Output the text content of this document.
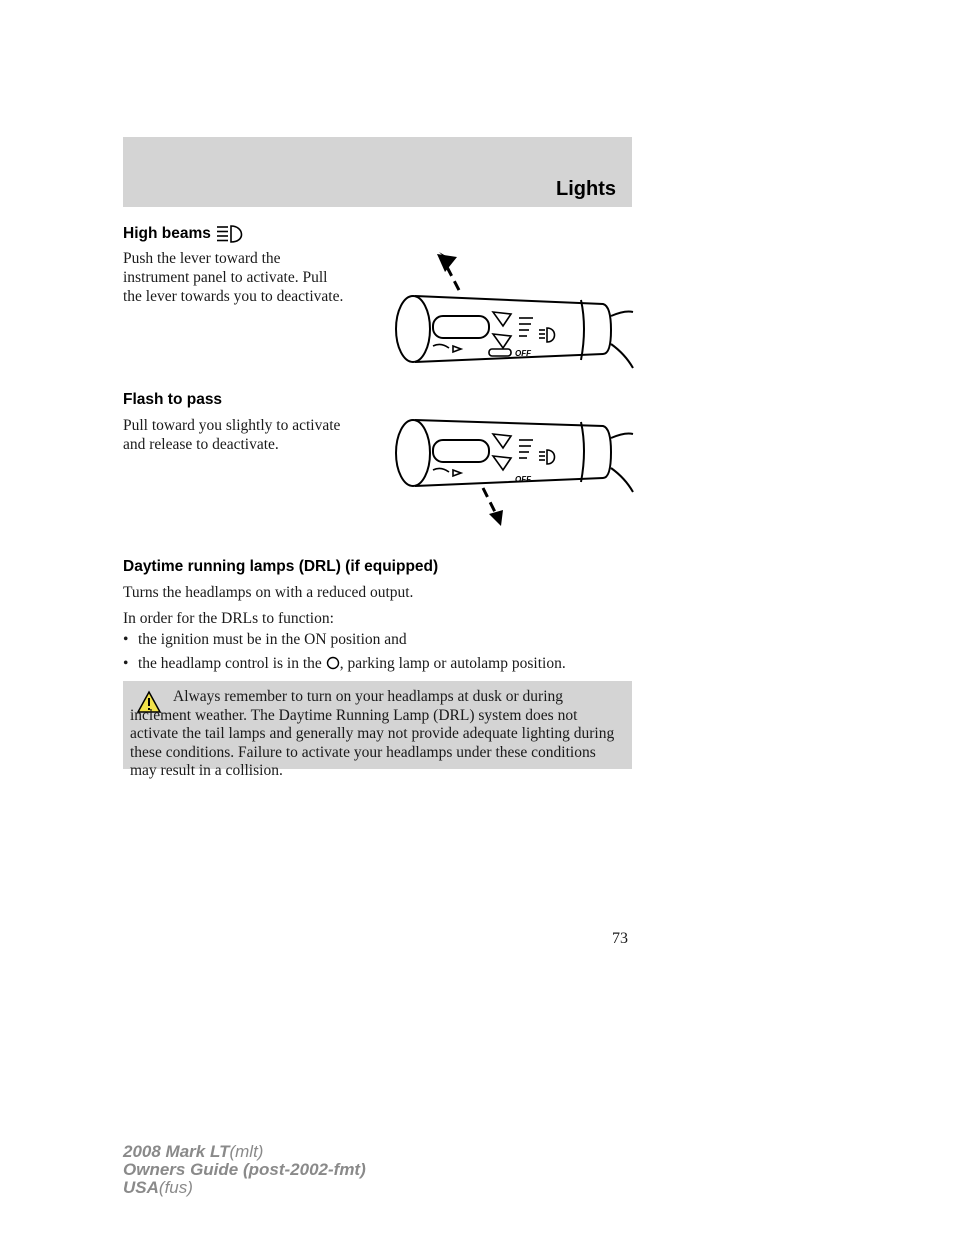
Lights
High beams
Push the lever toward the
instrument panel to activate. Pull
the lever towards you to deactivate.
OFF
Flash to pass
Pull toward you slightly to activate
and release to deactivate.
OFF
Daytime running lamps (DRL) (if equipped)
Turns the headlamps on with a reduced output.
In order for the DRLs to function:
• the ignition must be in the ON position and
• the headlamp control is in the , parking lamp or autolamp position.
Always remember to turn on your headlamps at dusk or during inclement weather. The Daytime Running Lamp (DRL) system does not activate the tail lamps and generally may not provide adequate lighting during these conditions. Failure to activate your headlamps under these conditions may result in a collision.
73
2008 Mark LT(mlt)
Owners Guide (post-2002-fmt)
USA(fus)
